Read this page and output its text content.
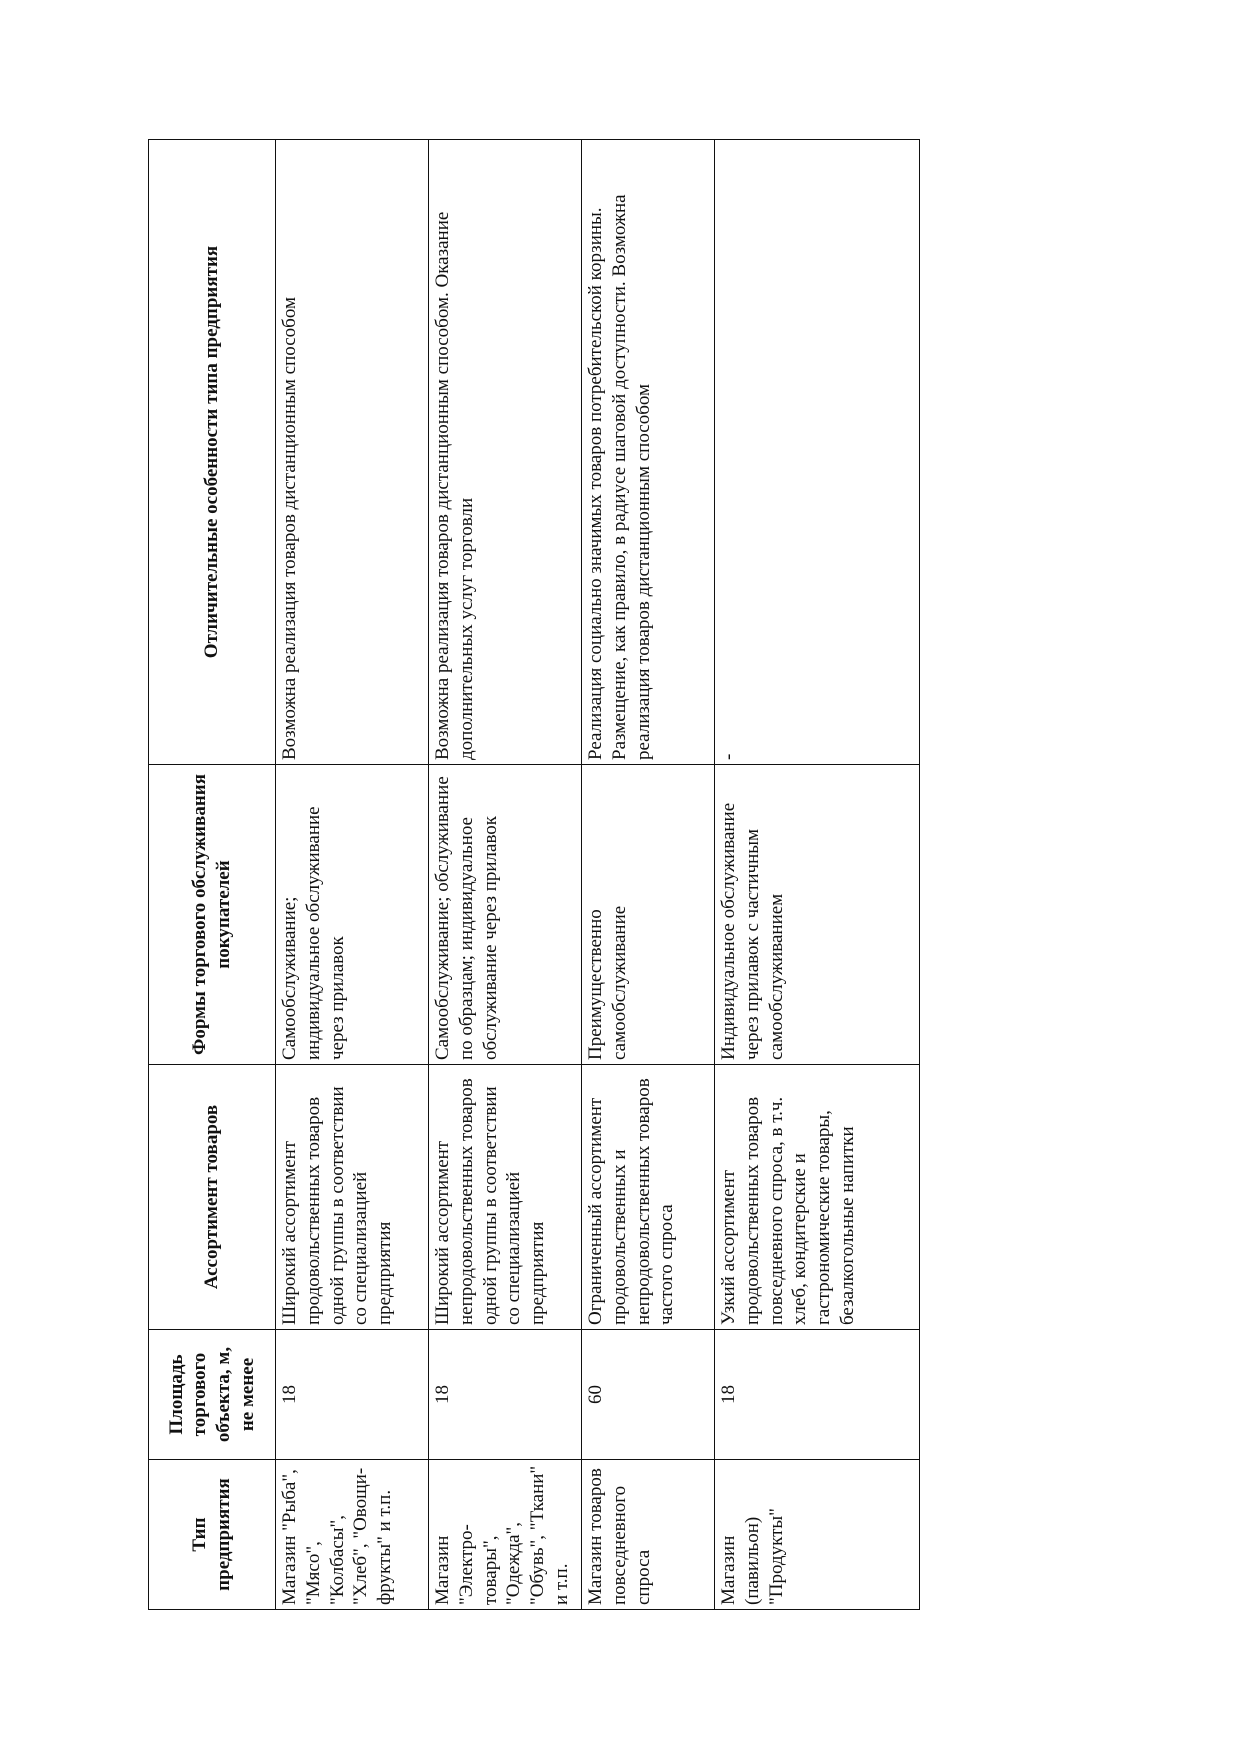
Тип предприятия	Площадь торгового объекта, м, не менее	Ассортимент товаров	Формы торгового обслуживания покупателей	Отличительные особенности типа предприятия
Магазин "Рыба", "Мясо", "Колбасы", "Хлеб", "Овощи-фрукты" и т.п.	18	Широкий ассортимент продовольственных товаров одной группы в соответствии со специализацией предприятия	Самообслуживание; индивидуальное обслуживание через прилавок	Возможна реализация товаров дистанционным способом
Магазин "Электро-товары", "Одежда", "Обувь", "Ткани" и т.п.	18	Широкий ассортимент непродовольственных товаров одной группы в соответствии со специализацией предприятия	Самообслуживание; обслуживание по образцам; индивидуальное обслуживание через прилавок	Возможна реализация товаров дистанционным способом. Оказание дополнительных услуг торговли
Магазин товаров повседневного спроса	60	Ограниченный ассортимент продовольственных и непродовольственных товаров частого спроса	Преимущественно самообслуживание	Реализация социально значимых товаров потребительской корзины. Размещение, как правило, в радиусе шаговой доступности. Возможна реализация товаров дистанционным способом
Магазин (павильон) "Продукты"	18	Узкий ассортимент продовольственных товаров повседневного спроса, в т.ч. хлеб, кондитерские и гастрономические товары, безалкогольные напитки	Индивидуальное обслуживание через прилавок с частичным самообслуживанием	-
